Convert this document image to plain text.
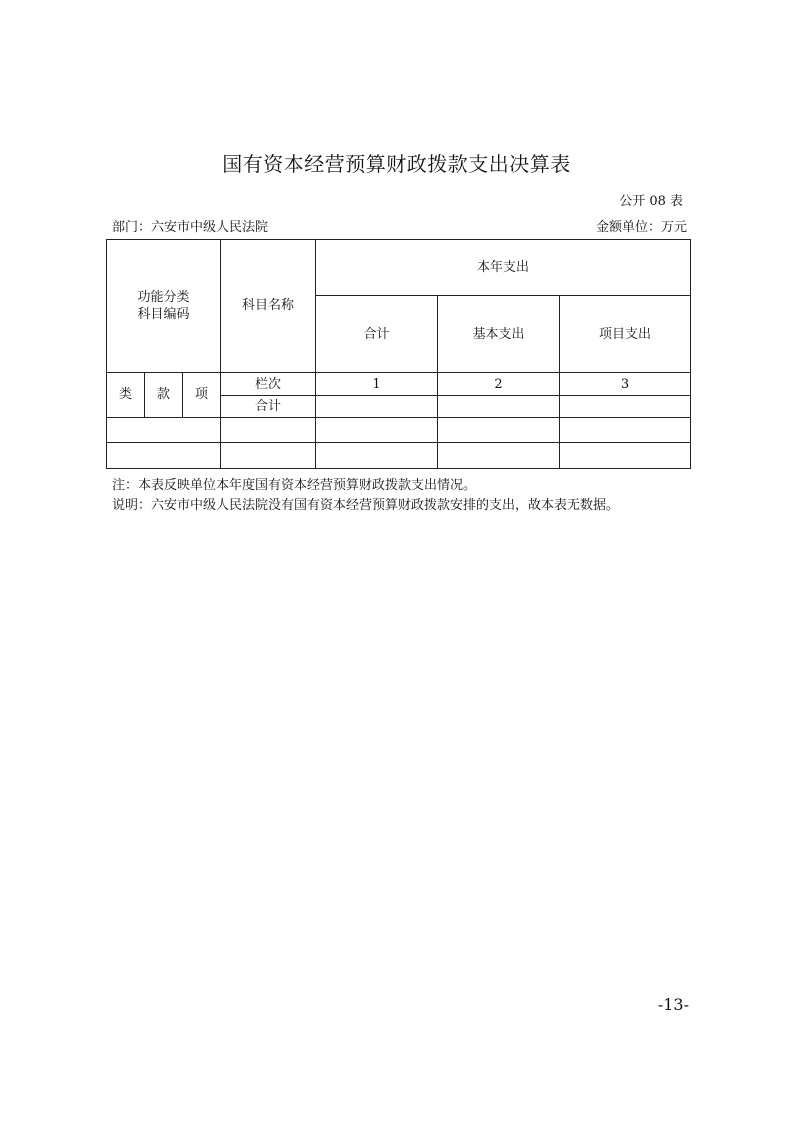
国有资本经营预算财政拨款支出决算表
公开 08 表
部门：六安市中级人民法院	金额单位：万元
功能分类
科目编码			科目名称	本年支出		
				合计	基本支出	项目支出
类	款	项	栏次	1	2	3
			合计			

注：本表反映单位本年度国有资本经营预算财政拨款支出情况。
说明：六安市中级人民法院没有国有资本经营预算财政拨款安排的支出，故本表无数据。
-13-
